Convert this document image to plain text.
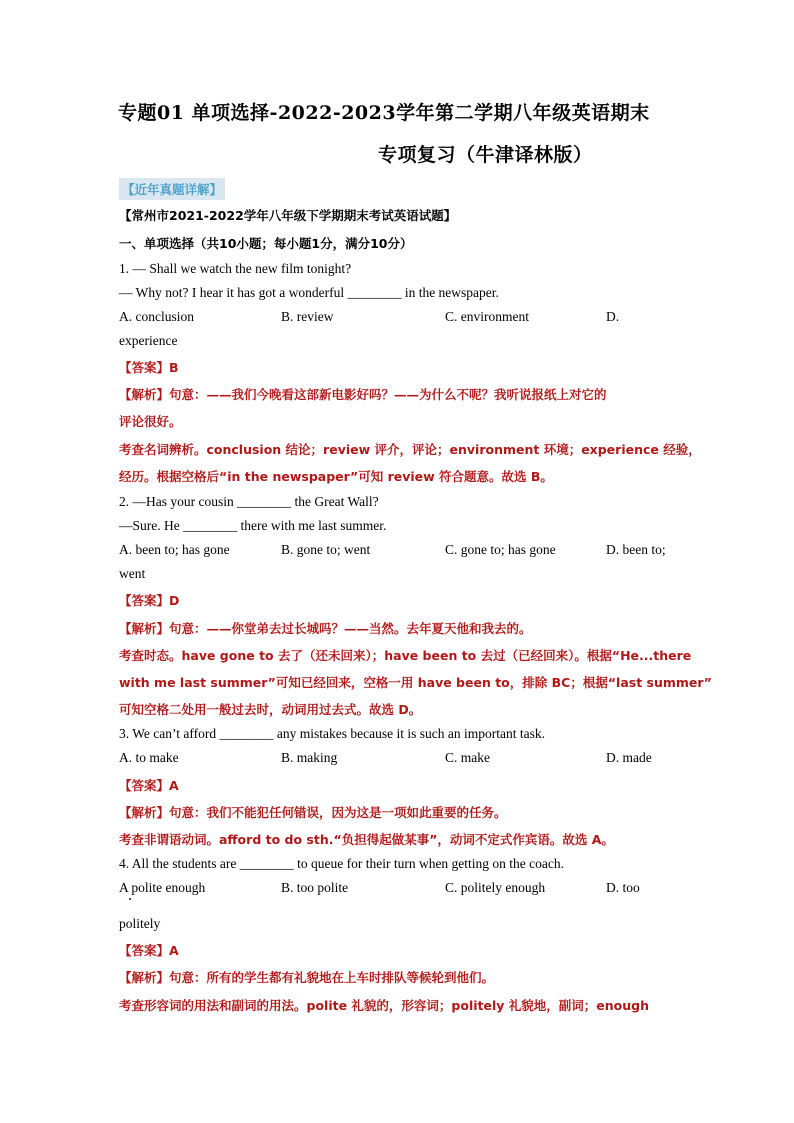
专题01 单项选择-2022-2023学年第二学期八年级英语期末
专项复习（牛津译林版）
【近年真题详解】
【常州市2021-2022学年八年级下学期期末考试英语试题】
一、单项选择（共10小题；每小题1分，满分10分）
1. — Shall we watch the new film tonight?
— Why not? I hear it has got a wonderful ________ in the newspaper.
A. conclusion	B. review	C. environment	D.
experience
【答案】B
【解析】句意：——我们今晚看这部新电影好吗？——为什么不呢？我听说报纸上对它的
评论很好。
考查名词辨析。conclusion 结论；review 评介，评论；environment 环境；experience 经验，
经历。根据空格后“in the newspaper”可知 review 符合题意。故选 B。
2. —Has your cousin ________ the Great Wall?
—Sure. He ________ there with me last summer.
A. been to; has gone	B. gone to; went	C. gone to; has gone	D. been to;
went
【答案】D
【解析】句意：——你堂弟去过长城吗？——当然。去年夏天他和我去的。
考查时态。have gone to 去了（还未回来）；have been to 去过（已经回来）。根据“He...there
with me last summer”可知已经回来，空格一用 have been to，排除 BC；根据“last summer”
可知空格二处用一般过去时，动词用过去式。故选 D。
3. We can’t afford ________ any mistakes because it is such an important task.
A. to make	B. making	C. make	D. made
【答案】A
【解析】句意：我们不能犯任何错误，因为这是一项如此重要的任务。
考查非谓语动词。afford to do sth.“负担得起做某事”，动词不定式作宾语。故选 A。
4. All the students are ________ to queue for their turn when getting on the coach.
A polite enough	B. too polite	C. politely enough	D. too
politely
【答案】A
【解析】句意：所有的学生都有礼貌地在上车时排队等候轮到他们。
考查形容词的用法和副词的用法。polite 礼貌的，形容词；politely 礼貌地，副词；enough
